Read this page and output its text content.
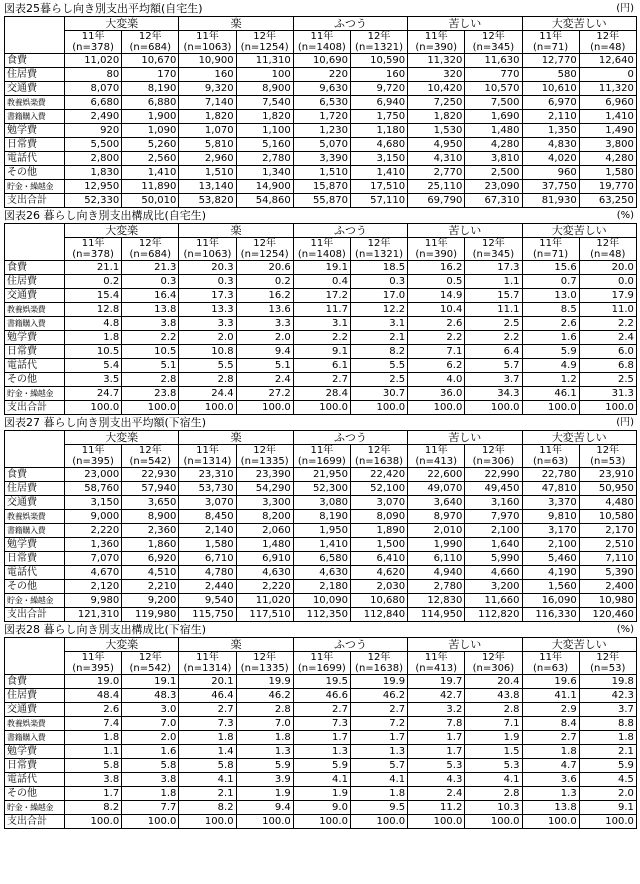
図表25暮らし向き別支出平均額(自宅生)	(円)
	大変楽		楽		ふつう		苦しい		大変苦しい	
	11年	12年	11年	12年	11年	12年	11年	12年	11年	12年
	(n=378)	(n=684)	(n=1063)	(n=1254)	(n=1408)	(n=1321)	(n=390)	(n=345)	(n=71)	(n=48)
食費	11,020	10,670	10,900	11,310	10,690	10,590	11,320	11,630	12,770	12,640
住居費	80	170	160	100	220	160	320	770	580	0
交通費	8,070	8,190	9,320	8,900	9,630	9,720	10,420	10,570	10,610	11,320
教養娯楽費	6,680	6,880	7,140	7,540	6,530	6,940	7,250	7,500	6,970	6,960
書籍購入費	2,490	1,900	1,820	1,820	1,720	1,750	1,820	1,690	2,110	1,410
勉学費	920	1,090	1,070	1,100	1,230	1,180	1,530	1,480	1,350	1,490
日常費	5,500	5,260	5,810	5,160	5,070	4,680	4,950	4,280	4,830	3,800
電話代	2,800	2,560	2,960	2,780	3,390	3,150	4,310	3,810	4,020	4,280
その他	1,830	1,410	1,510	1,340	1,510	1,410	2,770	2,500	960	1,580
貯金・繰越金	12,950	11,890	13,140	14,900	15,870	17,510	25,110	23,090	37,750	19,770
支出合計	52,330	50,010	53,820	54,860	55,870	57,110	69,790	67,310	81,930	63,250
図表26 暮らし向き別支出構成比(自宅生)	(%)
	大変楽		楽		ふつう		苦しい		大変苦しい	
	11年	12年	11年	12年	11年	12年	11年	12年	11年	12年
	(n=378)	(n=684)	(n=1063)	(n=1254)	(n=1408)	(n=1321)	(n=390)	(n=345)	(n=71)	(n=48)
食費	21.1	21.3	20.3	20.6	19.1	18.5	16.2	17.3	15.6	20.0
住居費	0.2	0.3	0.3	0.2	0.4	0.3	0.5	1.1	0.7	0.0
交通費	15.4	16.4	17.3	16.2	17.2	17.0	14.9	15.7	13.0	17.9
教養娯楽費	12.8	13.8	13.3	13.6	11.7	12.2	10.4	11.1	8.5	11.0
書籍購入費	4.8	3.8	3.3	3.3	3.1	3.1	2.6	2.5	2.6	2.2
勉学費	1.8	2.2	2.0	2.0	2.2	2.1	2.2	2.2	1.6	2.4
日常費	10.5	10.5	10.8	9.4	9.1	8.2	7.1	6.4	5.9	6.0
電話代	5.4	5.1	5.5	5.1	6.1	5.5	6.2	5.7	4.9	6.8
その他	3.5	2.8	2.8	2.4	2.7	2.5	4.0	3.7	1.2	2.5
貯金・繰越金	24.7	23.8	24.4	27.2	28.4	30.7	36.0	34.3	46.1	31.3
支出合計	100.0	100.0	100.0	100.0	100.0	100.0	100.0	100.0	100.0	100.0
図表27 暮らし向き別支出平均額(下宿生)	(円)
	大変楽		楽		ふつう		苦しい		大変苦しい	
	11年	12年	11年	12年	11年	12年	11年	12年	11年	12年
	(n=395)	(n=542)	(n=1314)	(n=1335)	(n=1699)	(n=1638)	(n=413)	(n=306)	(n=63)	(n=53)
食費	23,000	22,930	23,310	23,390	21,950	22,420	22,600	22,990	22,780	23,910
住居費	58,760	57,940	53,730	54,290	52,300	52,100	49,070	49,450	47,810	50,950
交通費	3,150	3,650	3,070	3,300	3,080	3,070	3,640	3,160	3,370	4,480
教養娯楽費	9,000	8,900	8,450	8,200	8,190	8,090	8,970	7,970	9,810	10,580
書籍購入費	2,220	2,360	2,140	2,060	1,950	1,890	2,010	2,100	3,170	2,170
勉学費	1,360	1,860	1,580	1,480	1,410	1,500	1,990	1,640	2,100	2,510
日常費	7,070	6,920	6,710	6,910	6,580	6,410	6,110	5,990	5,460	7,110
電話代	4,670	4,510	4,780	4,630	4,630	4,620	4,940	4,660	4,190	5,390
その他	2,120	2,210	2,440	2,220	2,180	2,030	2,780	3,200	1,560	2,400
貯金・繰越金	9,980	9,200	9,540	11,020	10,090	10,680	12,830	11,660	16,090	10,980
支出合計	121,310	119,980	115,750	117,510	112,350	112,840	114,950	112,820	116,330	120,460
図表28 暮らし向き別支出構成比(下宿生)	(%)
	大変楽		楽		ふつう		苦しい		大変苦しい	
	11年	12年	11年	12年	11年	12年	11年	12年	11年	12年
	(n=395)	(n=542)	(n=1314)	(n=1335)	(n=1699)	(n=1638)	(n=413)	(n=306)	(n=63)	(n=53)
食費	19.0	19.1	20.1	19.9	19.5	19.9	19.7	20.4	19.6	19.8
住居費	48.4	48.3	46.4	46.2	46.6	46.2	42.7	43.8	41.1	42.3
交通費	2.6	3.0	2.7	2.8	2.7	2.7	3.2	2.8	2.9	3.7
教養娯楽費	7.4	7.0	7.3	7.0	7.3	7.2	7.8	7.1	8.4	8.8
書籍購入費	1.8	2.0	1.8	1.8	1.7	1.7	1.7	1.9	2.7	1.8
勉学費	1.1	1.6	1.4	1.3	1.3	1.3	1.7	1.5	1.8	2.1
日常費	5.8	5.8	5.8	5.9	5.9	5.7	5.3	5.3	4.7	5.9
電話代	3.8	3.8	4.1	3.9	4.1	4.1	4.3	4.1	3.6	4.5
その他	1.7	1.8	2.1	1.9	1.9	1.8	2.4	2.8	1.3	2.0
貯金・繰越金	8.2	7.7	8.2	9.4	9.0	9.5	11.2	10.3	13.8	9.1
支出合計	100.0	100.0	100.0	100.0	100.0	100.0	100.0	100.0	100.0	100.0
